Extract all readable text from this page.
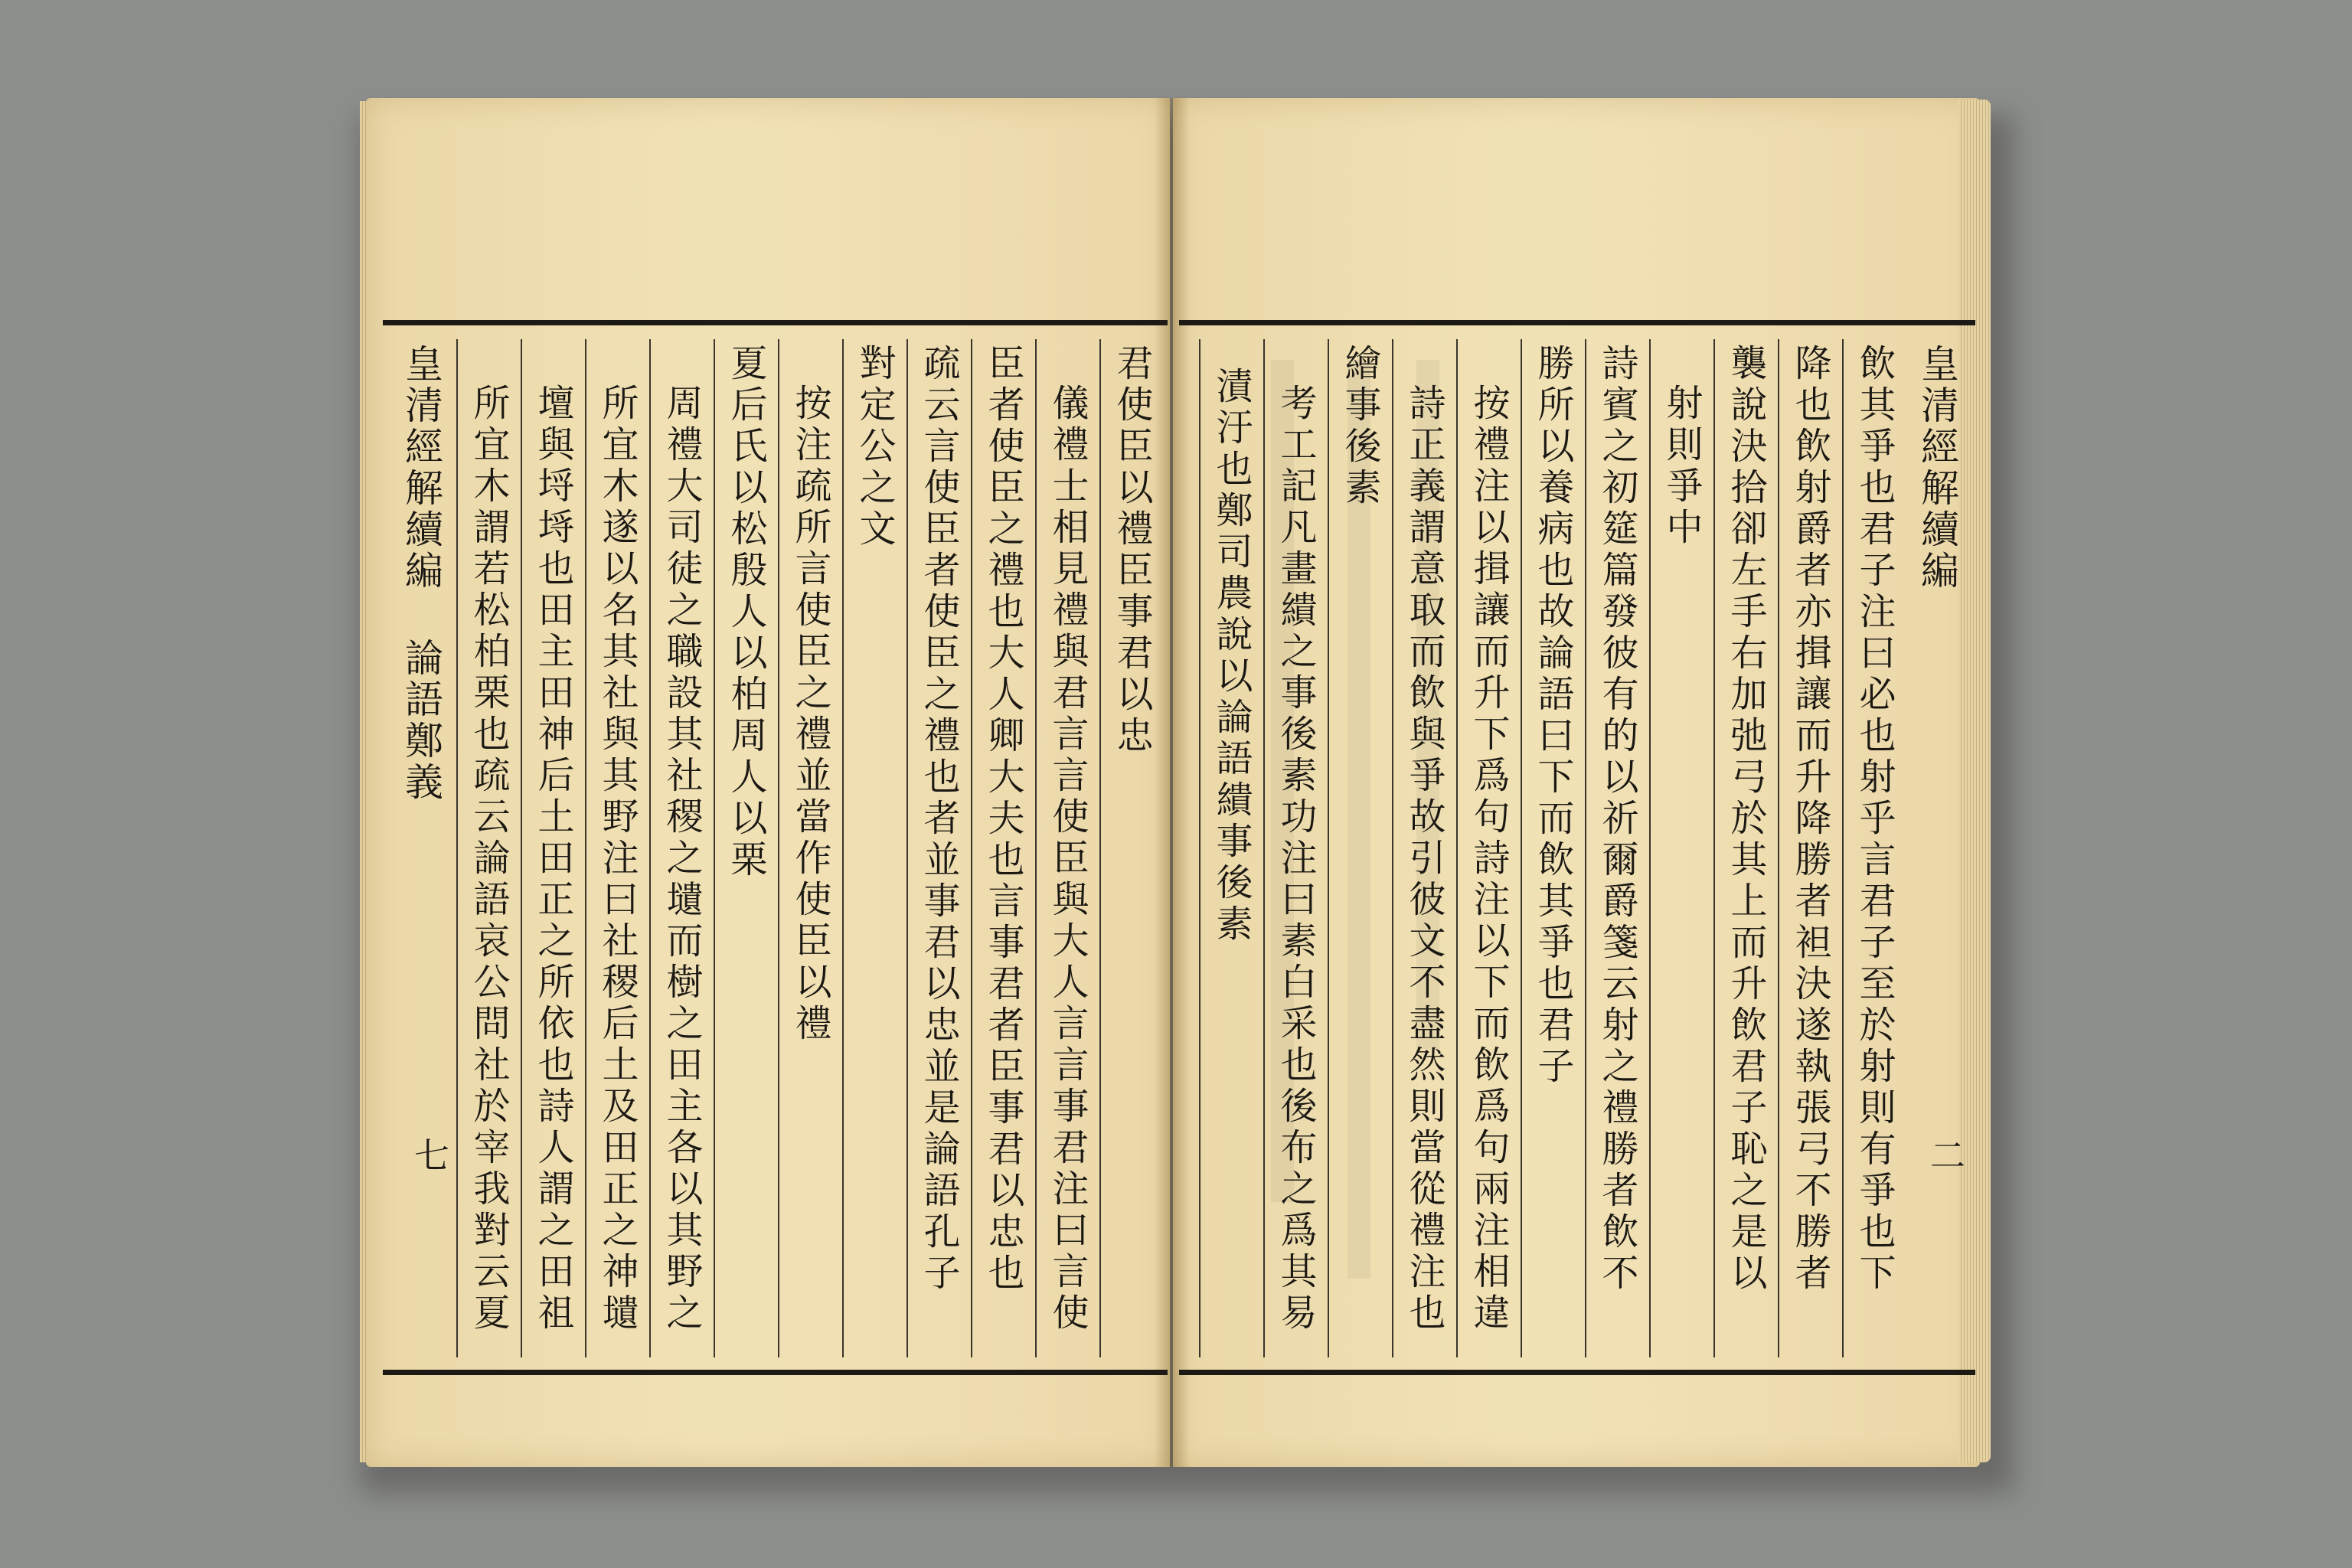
君使臣以禮臣事君以忠
儀禮士相見禮與君言言使臣與大人言言事君注曰言使
臣者使臣之禮也大人卿大夫也言事君者臣事君以忠也
疏云言使臣者使臣之禮也者並事君以忠並是論語孔子
對定公之文
按注疏所言使臣之禮並當作使臣以禮
夏后氏以松殷人以柏周人以栗
周禮大司徒之職設其社稷之壝而樹之田主各以其野之
所宜木遂以名其社與其野注曰社稷后土及田正之神壝
壇與埒埓也田主田神后土田正之所依也詩人謂之田祖
所宜木謂若松柏栗也疏云論語哀公問社於宰我對云夏
皇清經解續編論語鄭義
七
皇清經解續編
二
飲其爭也君子注曰必也射乎言君子至於射則有爭也下
降也飲射爵者亦揖讓而升降勝者袒決遂執張弓不勝者
襲說決拾卻左手右加弛弓於其上而升飲君子恥之是以
射則爭中
詩賓之初筵篇發彼有的以祈爾爵箋云射之禮勝者飲不
勝所以養病也故論語曰下而飲其爭也君子
按禮注以揖讓而升下爲句詩注以下而飲爲句兩注相違
詩正義謂意取而飲與爭故引彼文不盡然則當從禮注也
繪事後素
考工記凡畫繢之事後素功注曰素白采也後布之爲其易
漬汙也鄭司農說以論語繢事後素
